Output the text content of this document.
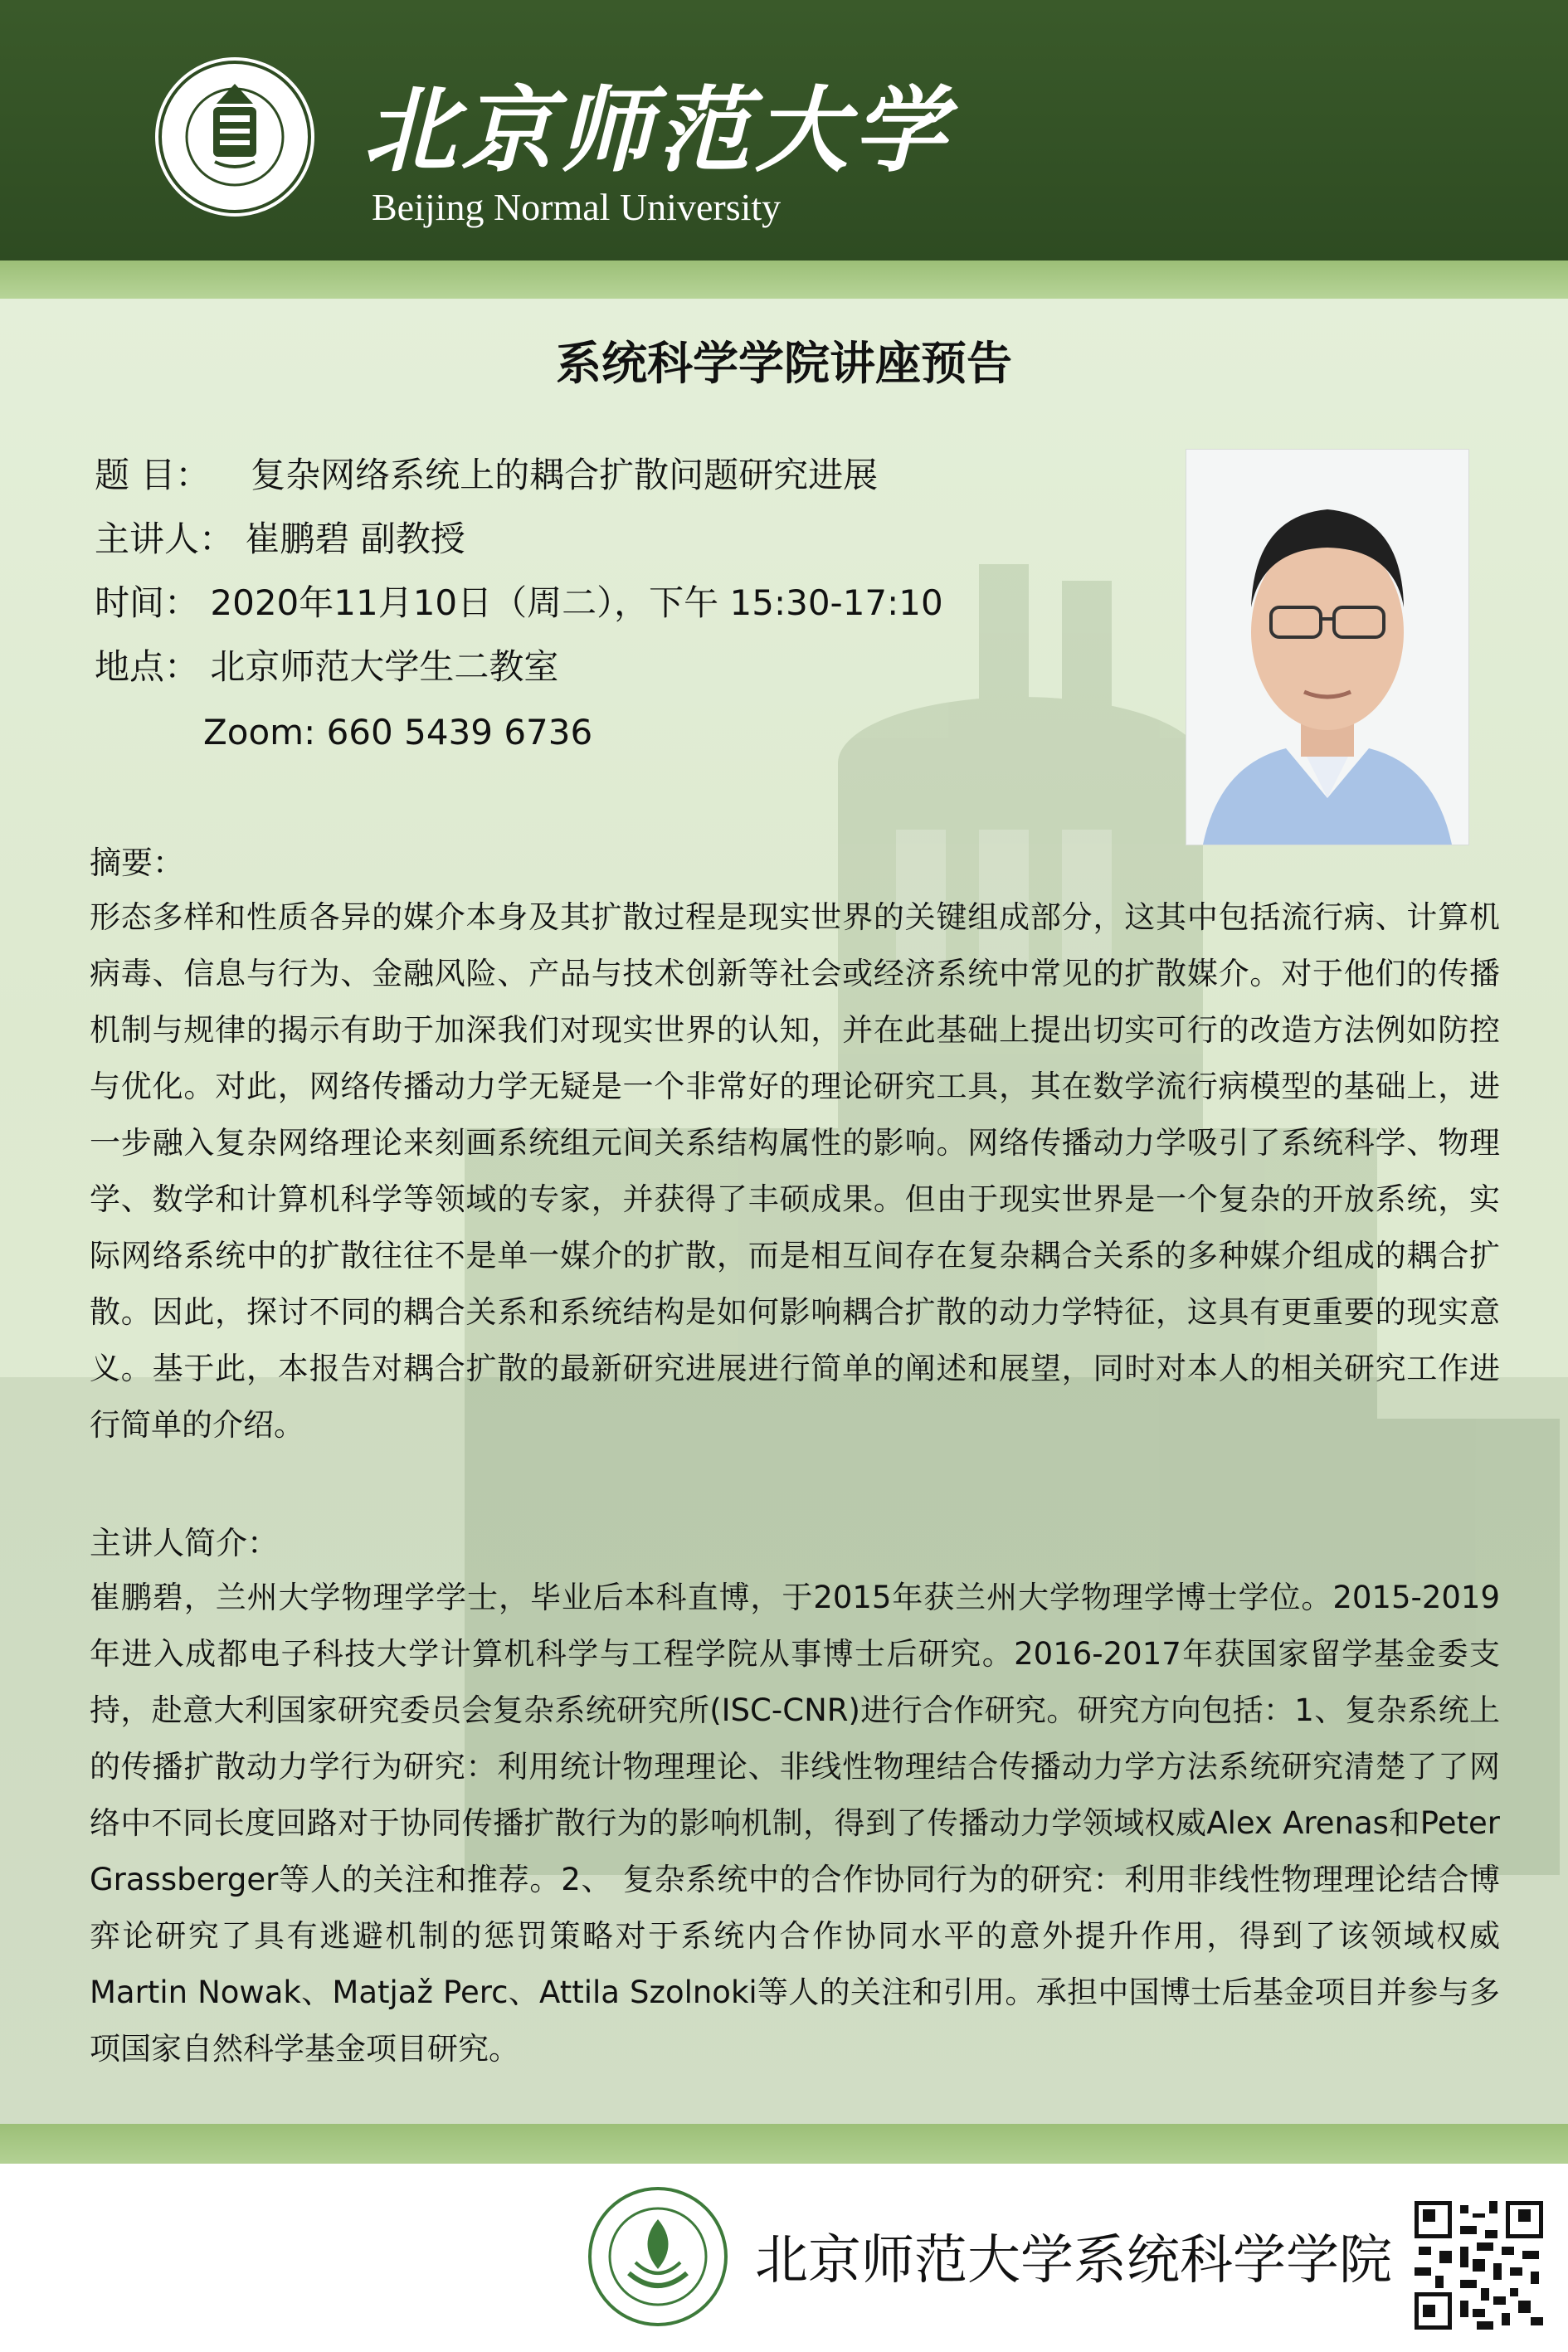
北京师范大学
Beijing Normal University
系统科学学院讲座预告
题 目： 复杂网络系统上的耦合扩散问题研究进展
主讲人： 崔鹏碧 副教授
时间： 2020年11月10日（周二），下午 15:30-17:10
地点： 北京师范大学生二教室
Zoom: 660 5439 6736
摘要：
形态多样和性质各异的媒介本身及其扩散过程是现实世界的关键组成部分，这其中包括流行病、计算机病毒、信息与行为、金融风险、产品与技术创新等社会或经济系统中常见的扩散媒介。对于他们的传播机制与规律的揭示有助于加深我们对现实世界的认知，并在此基础上提出切实可行的改造方法例如防控与优化。对此，网络传播动力学无疑是一个非常好的理论研究工具，其在数学流行病模型的基础上，进一步融入复杂网络理论来刻画系统组元间关系结构属性的影响。网络传播动力学吸引了系统科学、物理学、数学和计算机科学等领域的专家，并获得了丰硕成果。但由于现实世界是一个复杂的开放系统，实际网络系统中的扩散往往不是单一媒介的扩散，而是相互间存在复杂耦合关系的多种媒介组成的耦合扩散。因此，探讨不同的耦合关系和系统结构是如何影响耦合扩散的动力学特征，这具有更重要的现实意义。基于此，本报告对耦合扩散的最新研究进展进行简单的阐述和展望，同时对本人的相关研究工作进行简单的介绍。
主讲人简介：
崔鹏碧，兰州大学物理学学士，毕业后本科直博，于2015年获兰州大学物理学博士学位。2015-2019年进入成都电子科技大学计算机科学与工程学院从事博士后研究。2016-2017年获国家留学基金委支持，赴意大利国家研究委员会复杂系统研究所(ISC-CNR)进行合作研究。研究方向包括：1、复杂系统上的传播扩散动力学行为研究：利用统计物理理论、非线性物理结合传播动力学方法系统研究清楚了了网络中不同长度回路对于协同传播扩散行为的影响机制，得到了传播动力学领域权威Alex Arenas和Peter Grassberger等人的关注和推荐。2、 复杂系统中的合作协同行为的研究：利用非线性物理理论结合博弈论研究了具有逃避机制的惩罚策略对于系统内合作协同水平的意外提升作用，得到了该领域权威Martin Nowak、Matjaž Perc、Attila Szolnoki等人的关注和引用。承担中国博士后基金项目并参与多项国家自然科学基金项目研究。
北京师范大学系统科学学院
